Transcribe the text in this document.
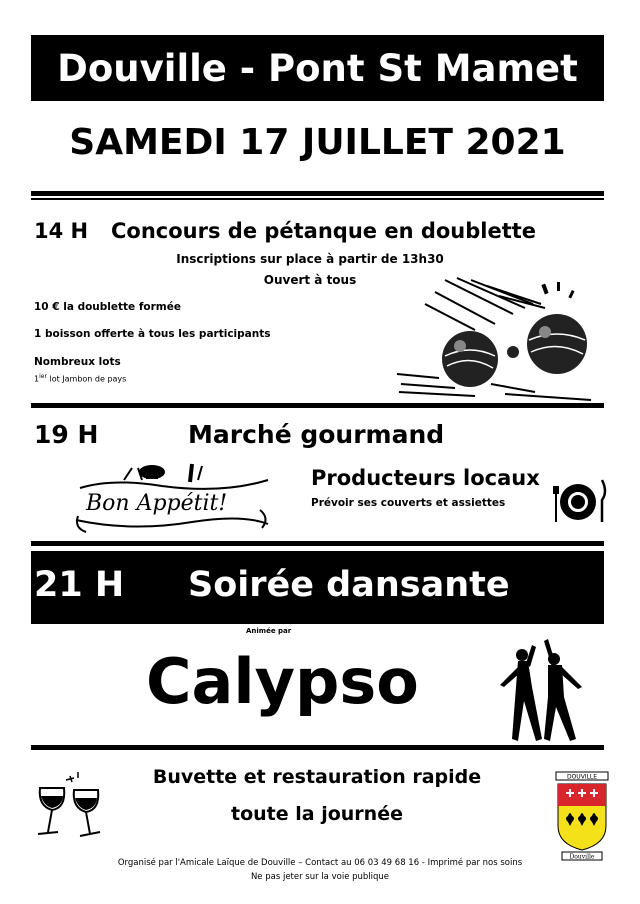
Douville - Pont St Mamet
SAMEDI 17 JUILLET 2021
14 H Concours de pétanque en doublette
Inscriptions sur place à partir de 13h30
Ouvert à tous
10 € la doublette formée
1 boisson offerte à tous les participants
Nombreux lots
$1^{ier}$ lot Jambon de pays
19 H	Marché gourmand
Bon Appétit!
Producteurs locaux
Prévoir ses couverts et assiettes
21 H Soirée dansante
Animée par
Calypso
Buvette et restauration rapide
toute la journée
DOUVILLE
Douville
Organisé par l'Amicale Laïque de Douville – Contact au 06 03 49 68 16 - Imprimé par nos soins
Ne pas jeter sur la voie publique
